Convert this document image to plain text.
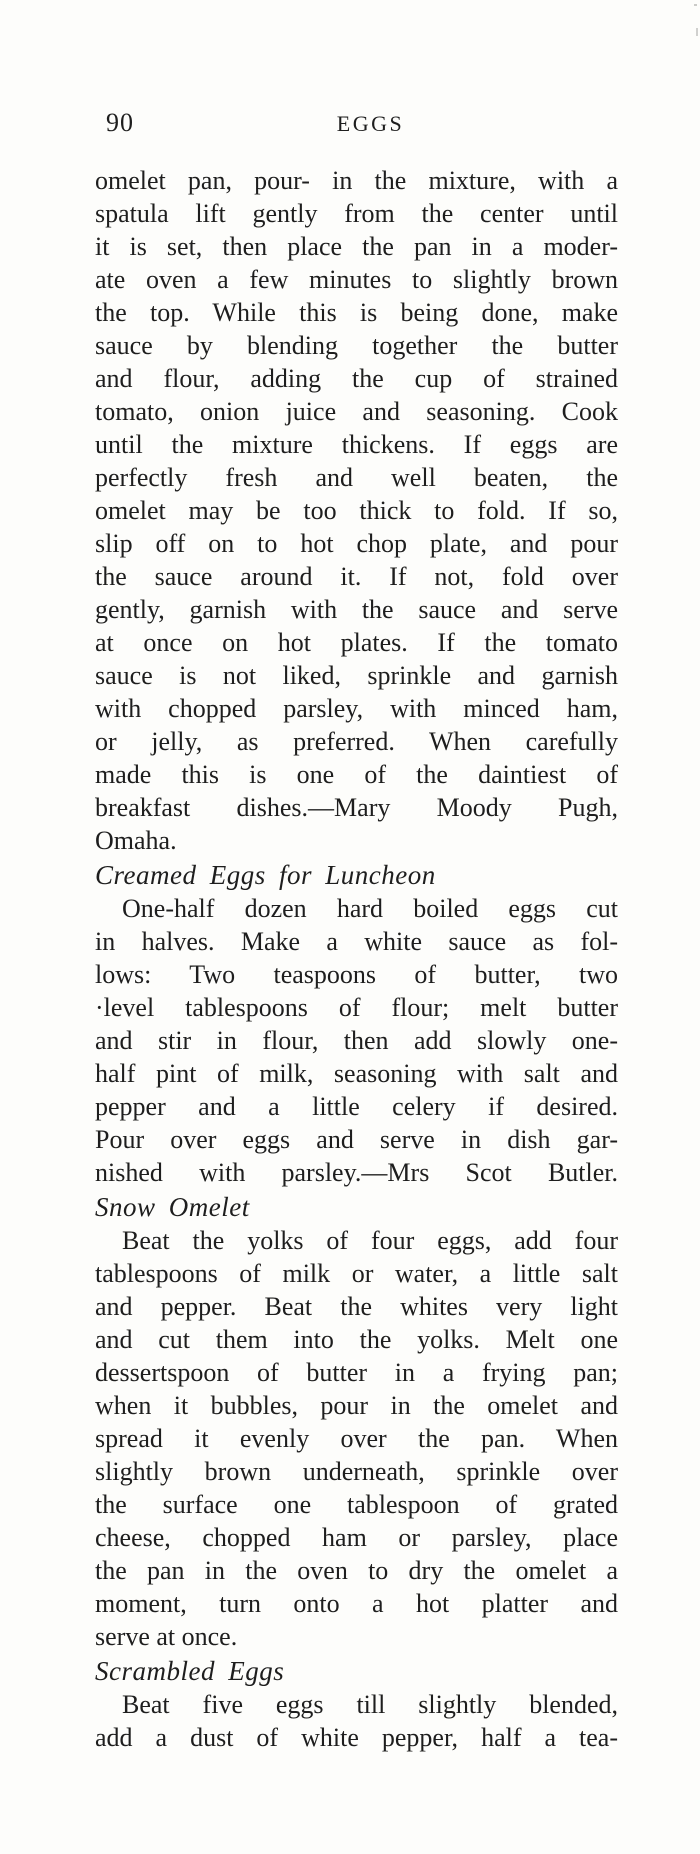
90	EGGS
omelet pan, pour- in the mixture, with a
spatula lift gently from the center until
it is set, then place the pan in a moder-
ate oven a few minutes to slightly brown
the top. While this is being done, make
sauce by blending together the butter
and flour, adding the cup of strained
tomato, onion juice and seasoning. Cook
until the mixture thickens. If eggs are
perfectly fresh and well beaten, the
omelet may be too thick to fold. If so,
slip off on to hot chop plate, and pour
the sauce around it. If not, fold over
gently, garnish with the sauce and serve
at once on hot plates. If the tomato
sauce is not liked, sprinkle and garnish
with chopped parsley, with minced ham,
or jelly, as preferred. When carefully
made this is one of the daintiest of
breakfast dishes.—Mary Moody Pugh,
Omaha.
Creamed Eggs for Luncheon
One-half dozen hard boiled eggs cut
in halves. Make a white sauce as fol-
lows: Two teaspoons of butter, two
·level tablespoons of flour; melt butter
and stir in flour, then add slowly one-
half pint of milk, seasoning with salt and
pepper and a little celery if desired.
Pour over eggs and serve in dish gar-
nished with parsley.—Mrs Scot Butler.
Snow Omelet
Beat the yolks of four eggs, add four
tablespoons of milk or water, a little salt
and pepper. Beat the whites very light
and cut them into the yolks. Melt one
dessertspoon of butter in a frying pan;
when it bubbles, pour in the omelet and
spread it evenly over the pan. When
slightly brown underneath, sprinkle over
the surface one tablespoon of grated
cheese, chopped ham or parsley, place
the pan in the oven to dry the omelet a
moment, turn onto a hot platter and
serve at once.
Scrambled Eggs
Beat five eggs till slightly blended,
add a dust of white pepper, half a tea-
